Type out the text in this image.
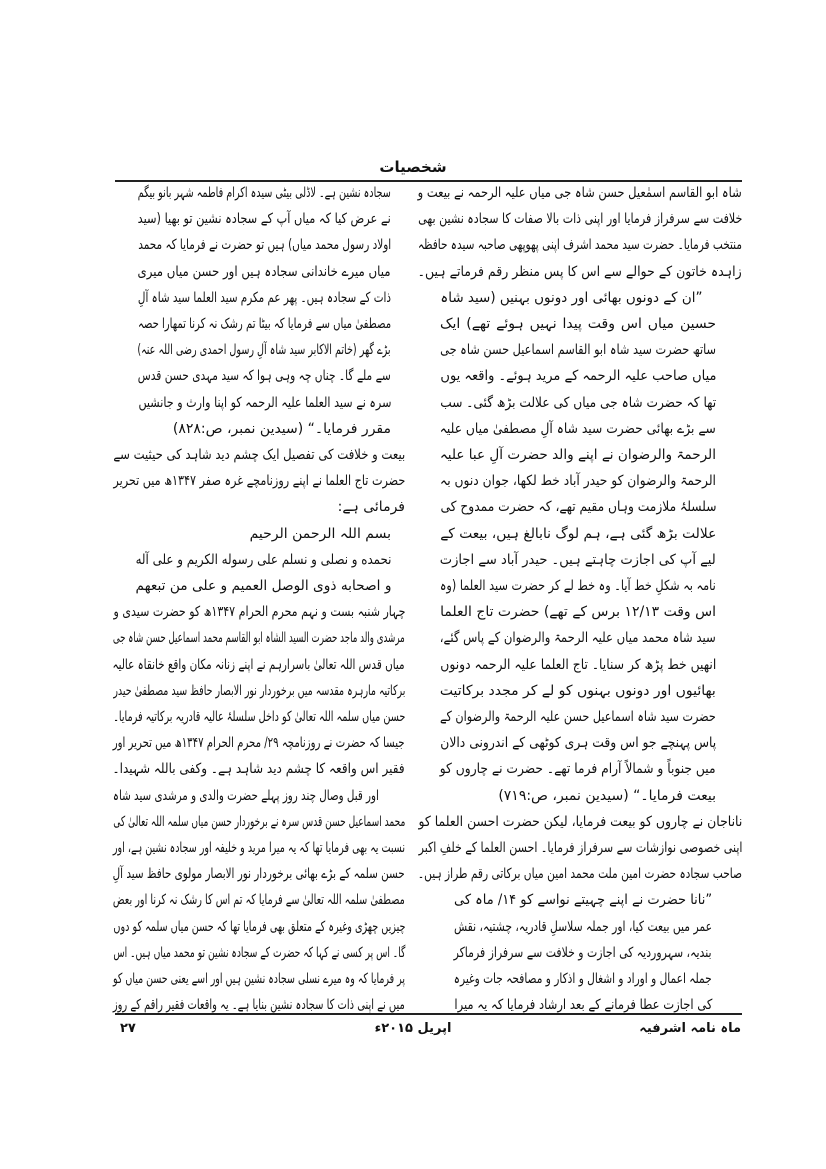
شخصیات
شاہ ابو القاسم اسمٰعیل حسن شاہ جی میاں علیہ الرحمہ نے بیعت و
خلافت سے سرفراز فرمایا اور اپنی ذات بالا صفات کا سجادہ نشین بھی
منتخب فرمایا۔ حضرت سید محمد اشرف اپنی پھوپھی صاحبہ سیدہ حافظہ
زاہدہ خاتون کے حوالے سے اس کا پس منظر رقم فرماتے ہیں۔
”ان کے دونوں بھائی اور دونوں بہنیں (سید شاہ
حسین میاں اس وقت پیدا نہیں ہوئے تھے) ایک
ساتھ حضرت سید شاہ ابو القاسم اسماعیل حسن شاہ جی
میاں صاحب علیہ الرحمہ کے مرید ہوئے۔ واقعہ یوں
تھا کہ حضرت شاہ جی میاں کی علالت بڑھ گئی۔ سب
سے بڑے بھائی حضرت سید شاہ آلِ مصطفیٰ میاں علیہ
الرحمۃ والرضوان نے اپنے والد حضرت آلِ عبا علیہ
الرحمۃ والرضوان کو حیدر آباد خط لکھا، جوان دنوں بہ
سلسلۂ ملازمت وہاں مقیم تھے، کہ حضرت ممدوح کی
علالت بڑھ گئی ہے، ہم لوگ نابالغ ہیں، بیعت کے
لیے آپ کی اجازت چاہتے ہیں۔ حیدر آباد سے اجازت
نامہ بہ شکلِ خط آیا۔ وہ خط لے کر حضرت سید العلما (وہ
اس وقت ۱۲/۱۳ برس کے تھے) حضرت تاج العلما
سید شاہ محمد میاں علیہ الرحمۃ والرضوان کے پاس گئے،
انھیں خط پڑھ کر سنایا۔ تاج العلما علیہ الرحمہ دونوں
بھائیوں اور دونوں بہنوں کو لے کر مجدد برکاتیت
حضرت سید شاہ اسماعیل حسن علیہ الرحمۃ والرضوان کے
پاس پہنچے جو اس وقت ہری کوٹھی کے اندرونی دالان
میں جنوباً و شمالاً آرام فرما تھے۔ حضرت نے چاروں کو
بیعت فرمایا۔“ (سیدین نمبر، ص:۷۱۹)
ناناجان نے چاروں کو بیعت فرمایا، لیکن حضرت احسن العلما کو
اپنی خصوصی نوازشات سے سرفراز فرمایا۔ احسن العلما کے خلفِ اکبر
صاحب سجادہ حضرت امین ملت محمد امین میاں برکاتی رقم طراز ہیں۔
”نانا حضرت نے اپنے چہیتے نواسے کو ۱۴/ ماہ کی
عمر میں بیعت کیا، اور جملہ سلاسلِ قادریہ، چشتیہ، نقش
بندیہ، سہروردیہ کی اجازت و خلافت سے سرفراز فرماکر
جملہ اعمال و اوراد و اشغال و اذکار و مصافحہ جات وغیرہ
کی اجازت عطا فرمانے کے بعد ارشاد فرمایا کہ یہ میرا
سجادہ نشین ہے۔ لاڈلی بیٹی سیدہ اکرام فاطمہ شہر بانو بیگم
نے عرض کیا کہ میاں آپ کے سجادہ نشین تو بھیا (سید
اولاد رسول محمد میاں) ہیں تو حضرت نے فرمایا کہ محمد
میاں میرے خاندانی سجادہ ہیں اور حسن میاں میری
ذات کے سجادہ ہیں۔ پھر عم مکرم سید العلما سید شاہ آلِ
مصطفیٰ میاں سے فرمایا کہ بیٹا تم رشک نہ کرنا تمھارا حصہ
بڑے گھر (خاتم الاکابر سید شاہ آلِ رسول احمدی رضی اللہ عنہ)
سے ملے گا۔ چناں چہ وہی ہوا کہ سید مہدی حسن قدس
سرہ نے سید العلما علیہ الرحمہ کو اپنا وارث و جانشیں
مقرر فرمایا۔“ (سیدین نمبر، ص:۸۲۸)
بیعت و خلافت کی تفصیل ایک چشم دید شاہد کی حیثیت سے
حضرت تاج العلما نے اپنے روزنامچے غرہ صفر ۱۳۴۷ھ میں تحریر
فرمائی ہے:
بسم اللہ الرحمن الرحیم
نحمده و نصلی و نسلم علی رسوله الكريم و علی آله
و اصحابه ذوی الوصل العميم و علی من تبعهم
چہار شنبہ بست و نہم محرم الحرام ۱۳۴۷ھ کو حضرت سیدی و
مرشدی والد ماجد حضرت السید الشاہ ابو القاسم محمد اسماعیل حسن شاہ جی
میاں قدس اللہ تعالیٰ باسرارہم نے اپنے زنانہ مکان واقع خانقاہ عالیہ
برکاتیہ مارہرہ مقدسہ میں برخوردار نور الابصار حافظ سید مصطفیٰ حیدر
حسن میاں سلمہ اللہ تعالیٰ کو داخل سلسلۂ عالیہ قادریہ برکاتیہ فرمایا۔
جیسا کہ حضرت نے روزنامچہ ۲۹/ محرم الحرام ۱۳۴۷ھ میں تحریر اور
فقیر اس واقعہ کا چشم دید شاہد ہے۔ وکفی باللہ شہیدا۔
اور قبل وصال چند روز پہلے حضرت والدی و مرشدی سید شاہ
محمد اسماعیل حسن قدس سرہ نے برخوردار حسن میاں سلمہ اللہ تعالیٰ کی
نسبت یہ بھی فرمایا تھا کہ یہ میرا مرید و خلیفہ اور سجادہ نشین ہے، اور
حسن سلمہ کے بڑے بھائی برخوردار نور الابصار مولوی حافظ سید آلِ
مصطفیٰ سلمہ اللہ تعالیٰ سے فرمایا کہ تم اس کا رشک نہ کرنا اور بعض
چیزیں چھڑی وغیرہ کے متعلق بھی فرمایا تھا کہ حسن میاں سلمہ کو دوں
گا۔ اس پر کسی نے کہا کہ حضرت کے سجادہ نشین تو محمد میاں ہیں۔ اس
پر فرمایا کہ وہ میرے نسلی سجادہ نشین ہیں اور اسے یعنی حسن میاں کو
میں نے اپنی ذات کا سجادہ نشین بنایا ہے۔ یہ واقعات فقیر راقم کے روز
ماہ نامہ اشرفیہ
اپریل ۲۰۱۵ء
۲۷
